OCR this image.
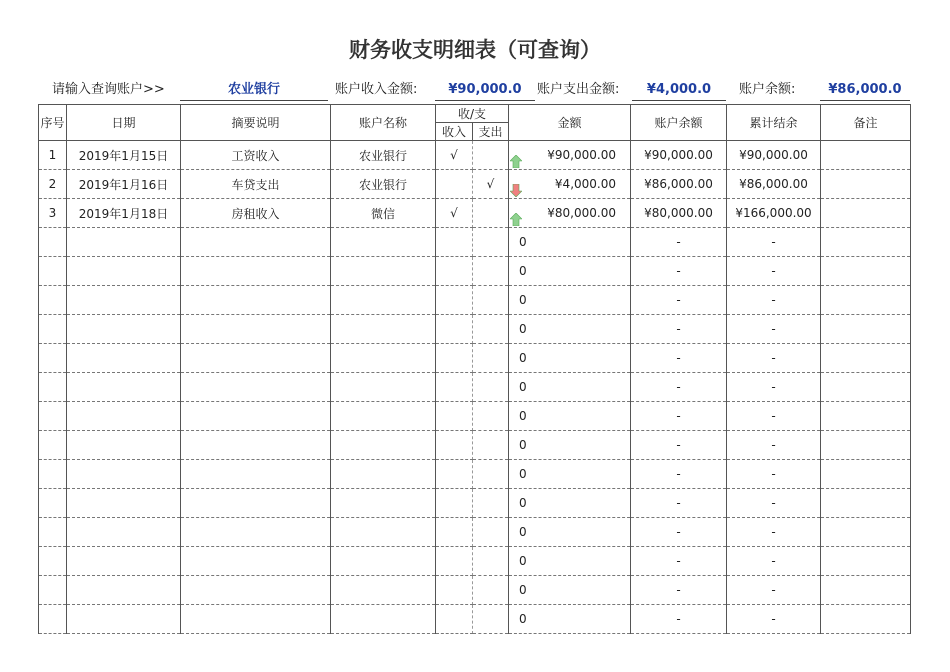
财务收支明细表（可查询）
请输入查询账户>>	农业银行	账户收入金额:	¥90,000.0	账户支出金额:	¥4,000.0	账户余额:	¥86,000.0
序号	日期	摘要说明	账户名称	收/支		金额	账户余额	累计结余	备注
				收入	支出				
1	2019年1月15日	工资收入	农业银行	√		¥90,000.00	¥90,000.00	¥90,000.00	
2	2019年1月16日	车贷支出	农业银行		√	¥4,000.00	¥86,000.00	¥86,000.00	
3	2019年1月18日	房租收入	微信	√		¥80,000.00	¥80,000.00	¥166,000.00	
						0	-	-	
						0	-	-	
						0	-	-	
						0	-	-	
						0	-	-	
						0	-	-	
						0	-	-	
						0	-	-	
						0	-	-	
						0	-	-	
						0	-	-	
						0	-	-	
						0	-	-	
						0	-	-	
